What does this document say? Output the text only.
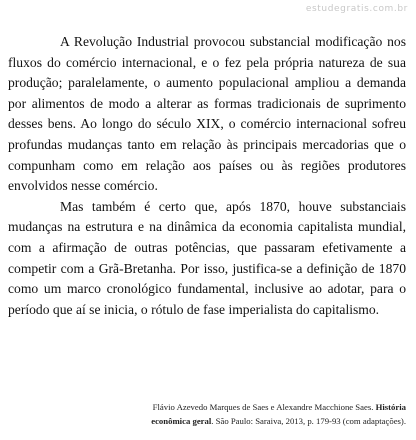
estudegratis.com.br

A Revolução Industrial provocou substancial modificação nos fluxos do comércio internacional, e o fez pela própria natureza de sua produção; paralelamente, o aumento populacional ampliou a demanda por alimentos de modo a alterar as formas tradicionais de suprimento desses bens. Ao longo do século XIX, o comércio internacional sofreu profundas mudanças tanto em relação às principais mercadorias que o compunham como em relação aos países ou às regiões produtores envolvidos nesse comércio.

Mas também é certo que, após 1870, houve substanciais mudanças na estrutura e na dinâmica da economia capitalista mundial, com a afirmação de outras potências, que passaram efetivamente a competir com a Grã-Bretanha. Por isso, justifica-se a definição de 1870 como um marco cronológico fundamental, inclusive ao adotar, para o período que aí se inicia, o rótulo de fase imperialista do capitalismo.

Flávio Azevedo Marques de Saes e Alexandre Macchione Saes. História econômica geral. São Paulo: Saraiva, 2013, p. 179-93 (com adaptações).
